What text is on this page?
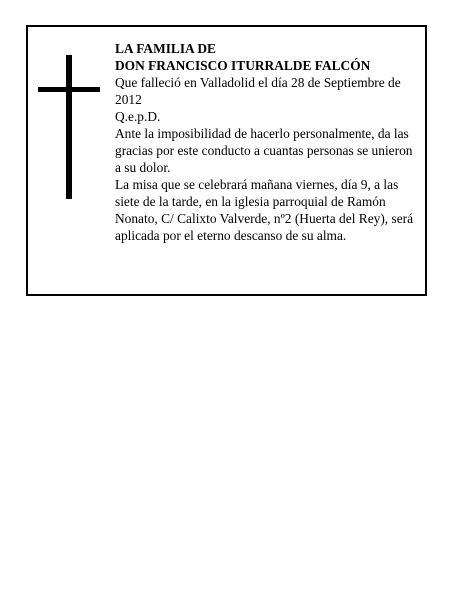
LA FAMILIA DE

DON FRANCISCO ITURRALDE FALCÓN

Que falleció en Valladolid el día 28 de Septiembre de 2012

Q.e.p.D.

Ante la imposibilidad de hacerlo personalmente, da las gracias por este conducto a cuantas personas se unieron a su dolor.

La misa que se celebrará mañana viernes, día 9, a las siete de la tarde, en la iglesia parroquial de Ramón Nonato, C/ Calixto Valverde, nº2 (Huerta del Rey), será aplicada por el eterno descanso de su alma.
